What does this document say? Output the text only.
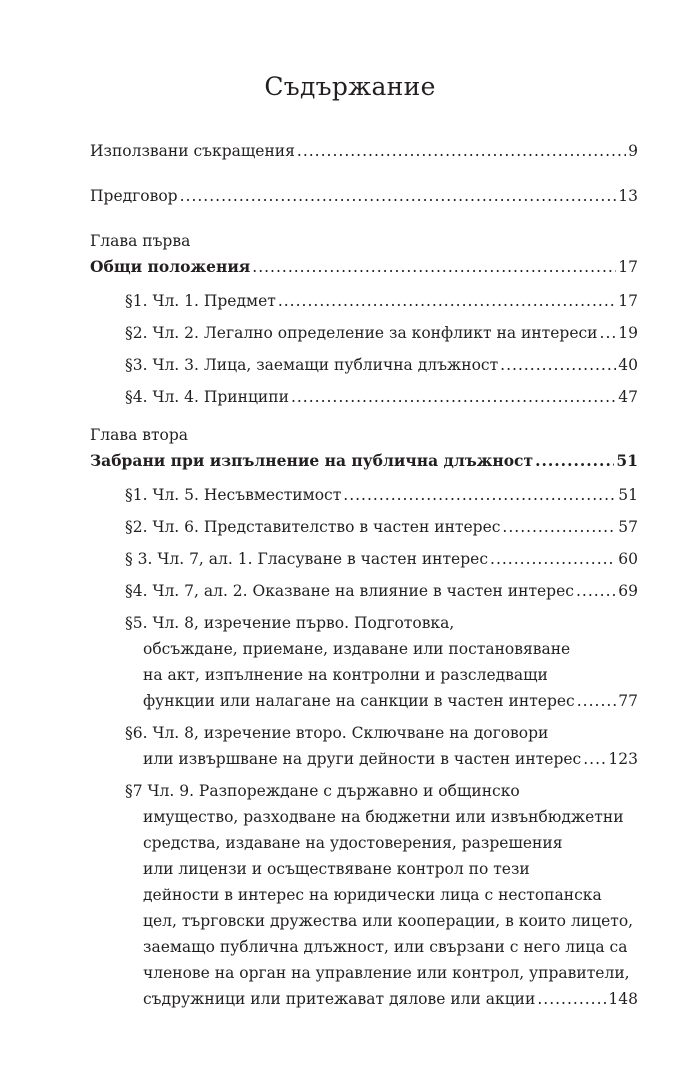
Съдържание
Използвани съкращения .....	9
Предговор .....	13
Глава първа
Общи положения .....	17
§1. Чл. 1. Предмет .....	17
§2. Чл. 2. Легално определение за конфликт на интереси ..... 19
§3. Чл. 3. Лица, заемащи публична длъжност .....	40
§4. Чл. 4. Принципи .....	47
Глава втора
Забрани при изпълнение на публична длъжност .....	51
§1. Чл. 5. Несъвместимост .....	51
§2. Чл. 6. Представителство в частен интерес .....	57
§ 3. Чл. 7, ал. 1. Гласуване в частен интерес .....	60
§4. Чл. 7, ал. 2. Оказване на влияние в частен интерес .....	69
§5. Чл. 8, изречение първо. Подготовка,
обсъждане, приемане, издаване или постановяване
на акт, изпълнение на контролни и разследващи
функции или налагане на санкции в частен интерес .....	77
§6. Чл. 8, изречение второ. Сключване на договори
или извършване на други дейности в частен интерес ..... 123
§7 Чл. 9. Разпореждане с държавно и общинско
имущество, разходване на бюджетни или извънбюджетни
средства, издаване на удостоверения, разрешения
или лицензи и осъществяване контрол по тези
дейности в интерес на юридически лица с нестопанска
цел, търговски дружества или кооперации, в които лицето,
заемащо публична длъжност, или свързани с него лица са
членове на орган на управление или контрол, управители,
съдружници или притежават дялове или акции .....	148
